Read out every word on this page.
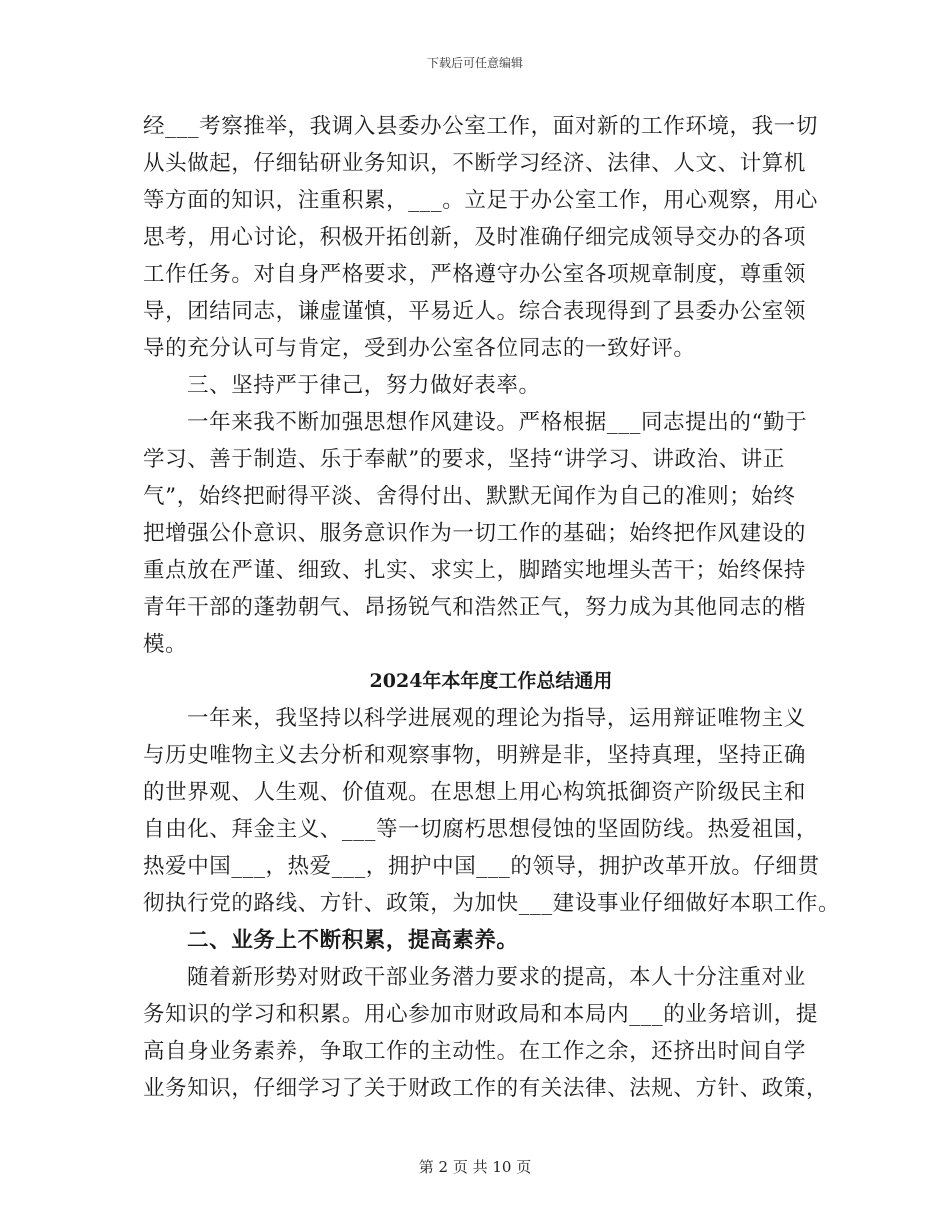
下载后可任意编辑
经___考察推举，我调入县委办公室工作，面对新的工作环境，我一切
从头做起，仔细钻研业务知识，不断学习经济、法律、人文、计算机
等方面的知识，注重积累，___。立足于办公室工作，用心观察，用心
思考，用心讨论，积极开拓创新，及时准确仔细完成领导交办的各项
工作任务。对自身严格要求，严格遵守办公室各项规章制度，尊重领
导，团结同志，谦虚谨慎，平易近人。综合表现得到了县委办公室领
导的充分认可与肯定，受到办公室各位同志的一致好评。
三、坚持严于律己，努力做好表率。
一年来我不断加强思想作风建设。严格根据___同志提出的“勤于
学习、善于制造、乐于奉献”的要求，坚持“讲学习、讲政治、讲正
气”，始终把耐得平淡、舍得付出、默默无闻作为自己的准则；始终
把增强公仆意识、服务意识作为一切工作的基础；始终把作风建设的
重点放在严谨、细致、扎实、求实上，脚踏实地埋头苦干；始终保持
青年干部的蓬勃朝气、昂扬锐气和浩然正气，努力成为其他同志的楷
模。
2024年本年度工作总结通用
一年来，我坚持以科学进展观的理论为指导，运用辩证唯物主义
与历史唯物主义去分析和观察事物，明辨是非，坚持真理，坚持正确
的世界观、人生观、价值观。在思想上用心构筑抵御资产阶级民主和
自由化、拜金主义、___等一切腐朽思想侵蚀的坚固防线。热爱祖国，
热爱中国___，热爱___，拥护中国___的领导，拥护改革开放。仔细贯
彻执行党的路线、方针、政策，为加快___建设事业仔细做好本职工作。
二、业务上不断积累，提高素养。
随着新形势对财政干部业务潜力要求的提高，本人十分注重对业
务知识的学习和积累。用心参加市财政局和本局内___的业务培训，提
高自身业务素养，争取工作的主动性。在工作之余，还挤出时间自学
业务知识，仔细学习了关于财政工作的有关法律、法规、方针、政策，
第 2 页 共 10 页
